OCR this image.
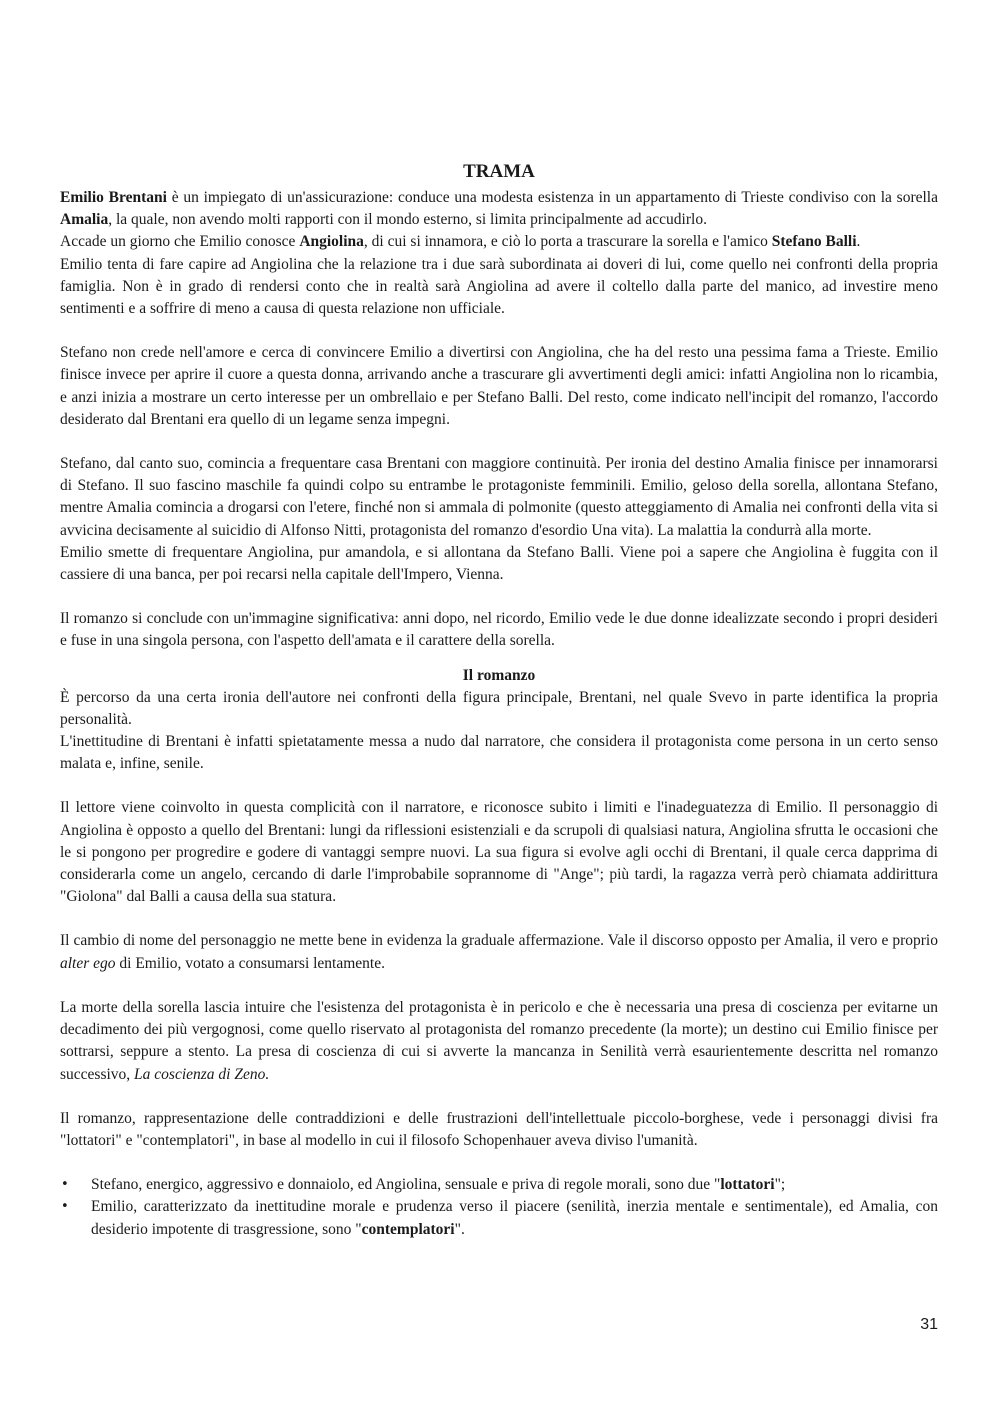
TRAMA

Emilio Brentani è un impiegato di un'assicurazione: conduce una modesta esistenza in un appartamento di Trieste condiviso con la sorella Amalia, la quale, non avendo molti rapporti con il mondo esterno, si limita principalmente ad accudirlo.

Accade un giorno che Emilio conosce Angiolina, di cui si innamora, e ciò lo porta a trascurare la sorella e l'amico Stefano Balli.

Emilio tenta di fare capire ad Angiolina che la relazione tra i due sarà subordinata ai doveri di lui, come quello nei confronti della propria famiglia. Non è in grado di rendersi conto che in realtà sarà Angiolina ad avere il coltello dalla parte del manico, ad investire meno sentimenti e a soffrire di meno a causa di questa relazione non ufficiale.

Stefano non crede nell'amore e cerca di convincere Emilio a divertirsi con Angiolina, che ha del resto una pessima fama a Trieste. Emilio finisce invece per aprire il cuore a questa donna, arrivando anche a trascurare gli avvertimenti degli amici: infatti Angiolina non lo ricambia, e anzi inizia a mostrare un certo interesse per un ombrellaio e per Stefano Balli. Del resto, come indicato nell'incipit del romanzo, l'accordo desiderato dal Brentani era quello di un legame senza impegni.

Stefano, dal canto suo, comincia a frequentare casa Brentani con maggiore continuità. Per ironia del destino Amalia finisce per innamorarsi di Stefano. Il suo fascino maschile fa quindi colpo su entrambe le protagoniste femminili. Emilio, geloso della sorella, allontana Stefano, mentre Amalia comincia a drogarsi con l'etere, finché non si ammala di polmonite (questo atteggiamento di Amalia nei confronti della vita si avvicina decisamente al suicidio di Alfonso Nitti, protagonista del romanzo d'esordio Una vita). La malattia la condurrà alla morte.

Emilio smette di frequentare Angiolina, pur amandola, e si allontana da Stefano Balli. Viene poi a sapere che Angiolina è fuggita con il cassiere di una banca, per poi recarsi nella capitale dell'Impero, Vienna.

Il romanzo si conclude con un'immagine significativa: anni dopo, nel ricordo, Emilio vede le due donne idealizzate secondo i propri desideri e fuse in una singola persona, con l'aspetto dell'amata e il carattere della sorella.

Il romanzo

È percorso da una certa ironia dell'autore nei confronti della figura principale, Brentani, nel quale Svevo in parte identifica la propria personalità.

L'inettitudine di Brentani è infatti spietatamente messa a nudo dal narratore, che considera il protagonista come persona in un certo senso malata e, infine, senile.

Il lettore viene coinvolto in questa complicità con il narratore, e riconosce subito i limiti e l'inadeguatezza di Emilio. Il personaggio di Angiolina è opposto a quello del Brentani: lungi da riflessioni esistenziali e da scrupoli di qualsiasi natura, Angiolina sfrutta le occasioni che le si pongono per progredire e godere di vantaggi sempre nuovi. La sua figura si evolve agli occhi di Brentani, il quale cerca dapprima di considerarla come un angelo, cercando di darle l'improbabile soprannome di "Ange"; più tardi, la ragazza verrà però chiamata addirittura "Giolona" dal Balli a causa della sua statura.

Il cambio di nome del personaggio ne mette bene in evidenza la graduale affermazione. Vale il discorso opposto per Amalia, il vero e proprio alter ego di Emilio, votato a consumarsi lentamente.

La morte della sorella lascia intuire che l'esistenza del protagonista è in pericolo e che è necessaria una presa di coscienza per evitarne un decadimento dei più vergognosi, come quello riservato al protagonista del romanzo precedente (la morte); un destino cui Emilio finisce per sottrarsi, seppure a stento. La presa di coscienza di cui si avverte la mancanza in Senilità verrà esaurientemente descritta nel romanzo successivo, La coscienza di Zeno.

Il romanzo, rappresentazione delle contraddizioni e delle frustrazioni dell'intellettuale piccolo-borghese, vede i personaggi divisi fra "lottatori" e "contemplatori", in base al modello in cui il filosofo Schopenhauer aveva diviso l'umanità.

• Stefano, energico, aggressivo e donnaiolo, ed Angiolina, sensuale e priva di regole morali, sono due "lottatori";
• Emilio, caratterizzato da inettitudine morale e prudenza verso il piacere (senilità, inerzia mentale e sentimentale), ed Amalia, con desiderio impotente di trasgressione, sono "contemplatori".
31
